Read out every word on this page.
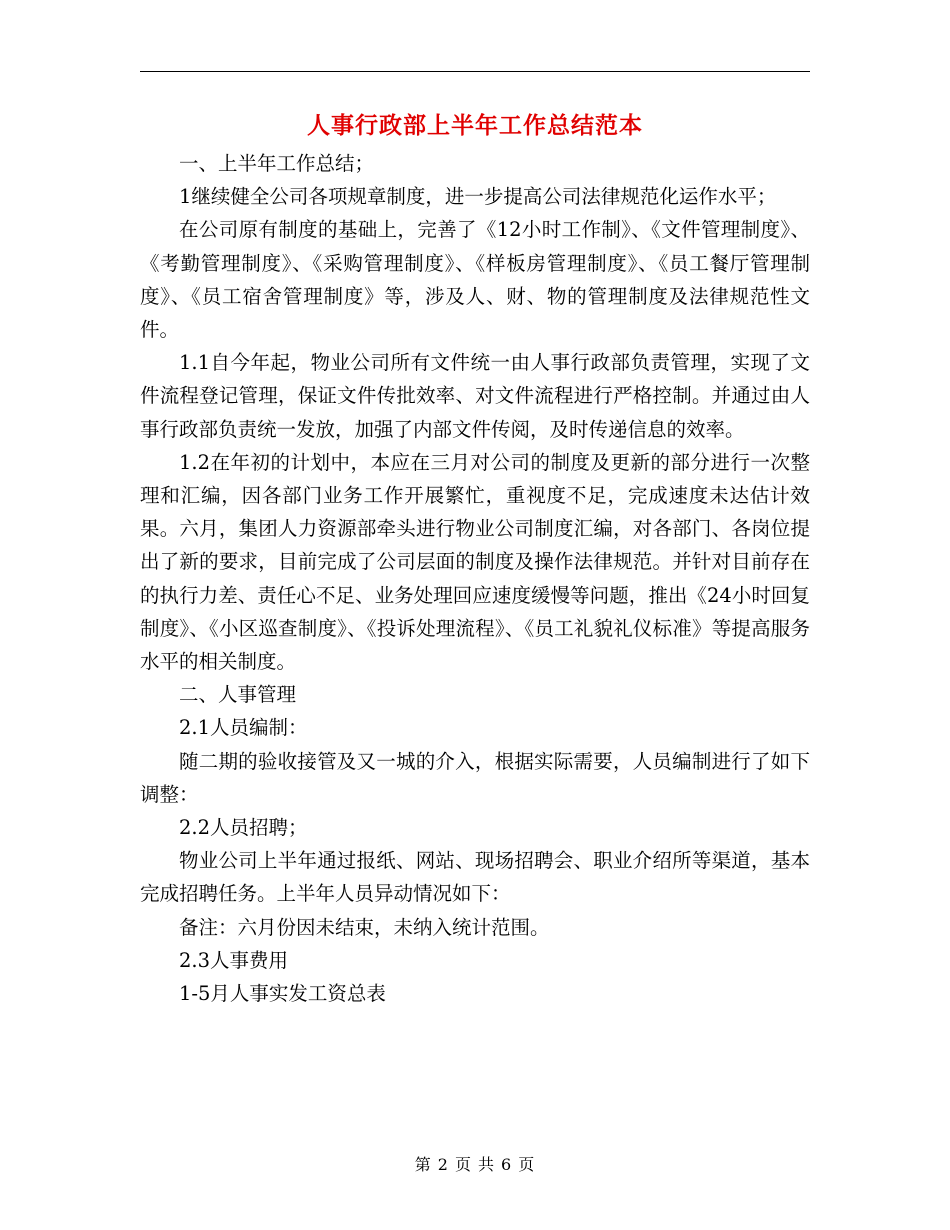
人事行政部上半年工作总结范本

一、上半年工作总结；

1继续健全公司各项规章制度，进一步提高公司法律规范化运作水平；

在公司原有制度的基础上，完善了《12小时工作制》、《文件管理制度》、《考勤管理制度》、《采购管理制度》、《样板房管理制度》、《员工餐厅管理制度》、《员工宿舍管理制度》等，涉及人、财、物的管理制度及法律规范性文件。

1.1自今年起，物业公司所有文件统一由人事行政部负责管理，实现了文件流程登记管理，保证文件传批效率、对文件流程进行严格控制。并通过由人事行政部负责统一发放，加强了内部文件传阅，及时传递信息的效率。

1.2在年初的计划中，本应在三月对公司的制度及更新的部分进行一次整理和汇编，因各部门业务工作开展繁忙，重视度不足，完成速度未达估计效果。六月，集团人力资源部牵头进行物业公司制度汇编，对各部门、各岗位提出了新的要求，目前完成了公司层面的制度及操作法律规范。并针对目前存在的执行力差、责任心不足、业务处理回应速度缓慢等问题，推出《24小时回复制度》、《小区巡查制度》、《投诉处理流程》、《员工礼貌礼仪标准》等提高服务水平的相关制度。

二、人事管理

2.1人员编制：

随二期的验收接管及又一城的介入，根据实际需要，人员编制进行了如下调整：

2.2人员招聘；

物业公司上半年通过报纸、网站、现场招聘会、职业介绍所等渠道，基本完成招聘任务。上半年人员异动情况如下：

备注：六月份因未结束，未纳入统计范围。

2.3人事费用

1-5月人事实发工资总表

第 2 页 共 6 页
